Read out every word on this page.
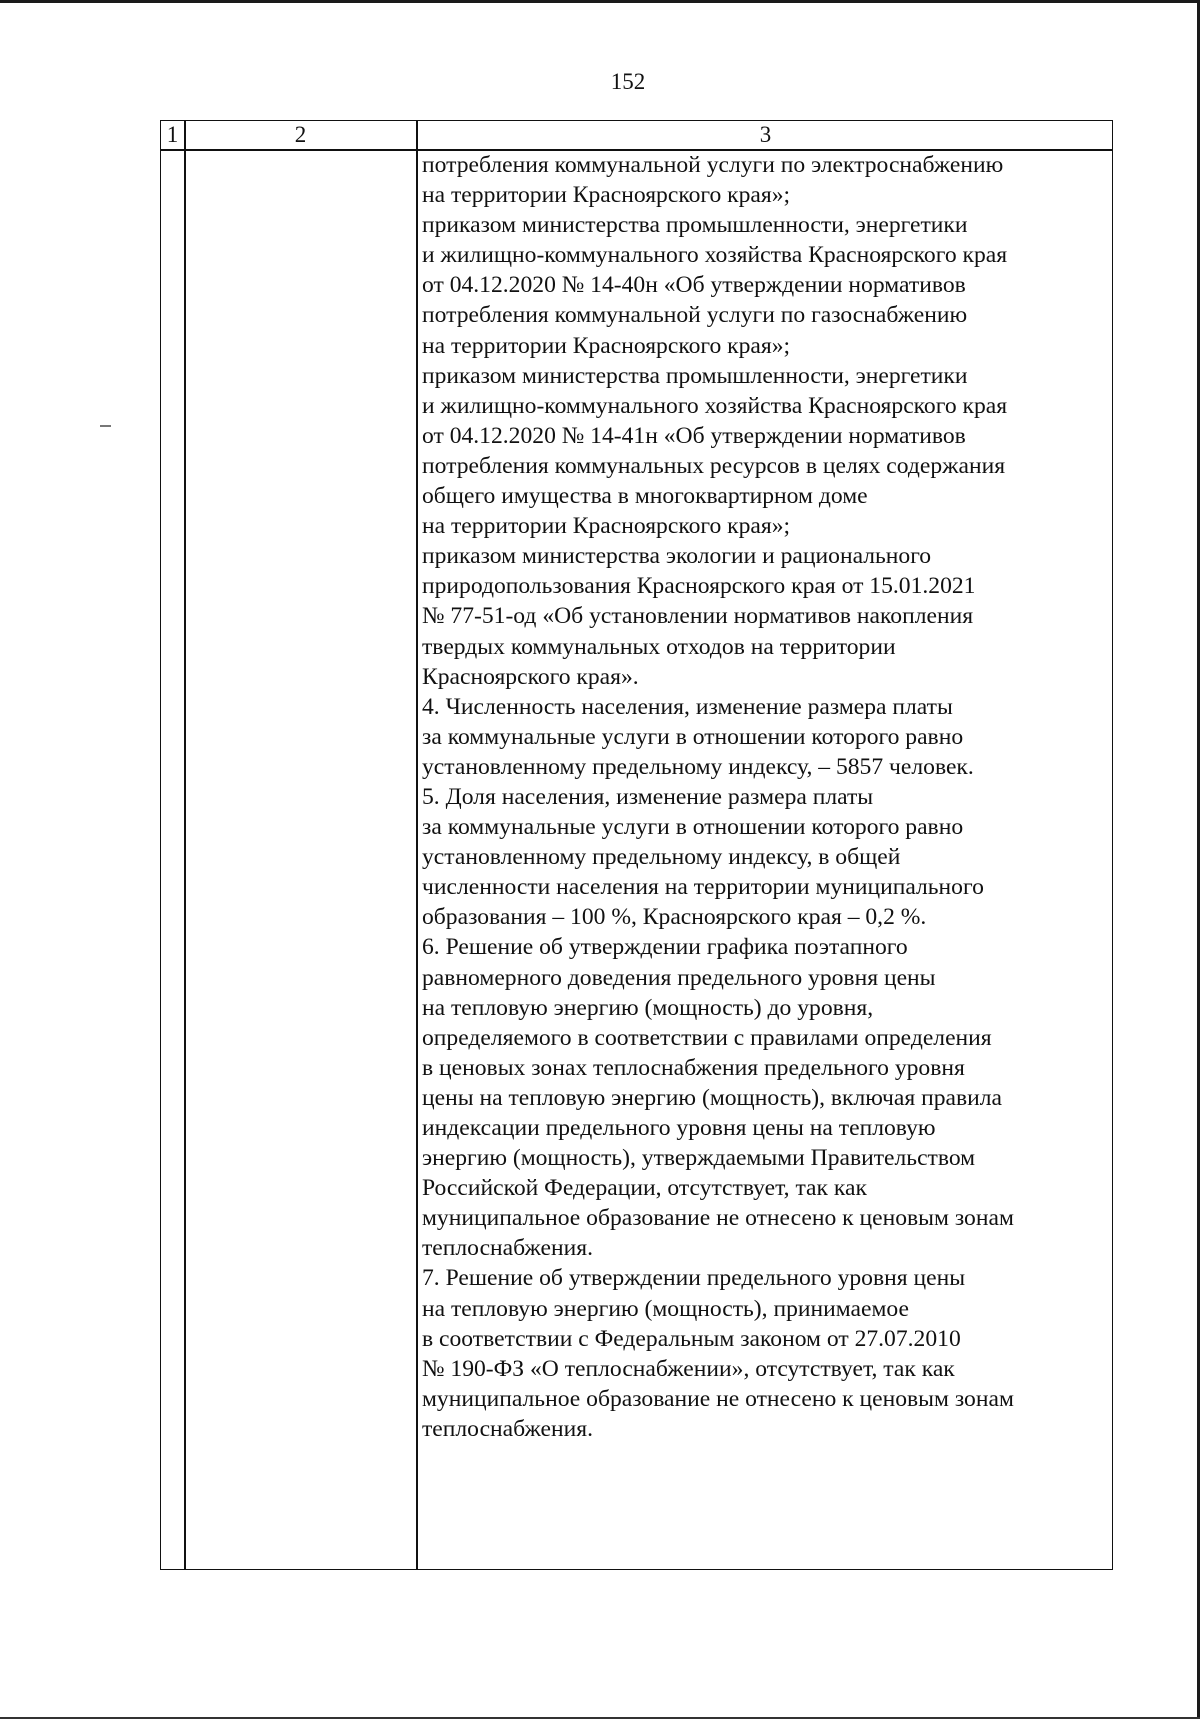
152
1	2	3
потребления коммунальной услуги по электроснабжению
на территории Красноярского края»;
приказом министерства промышленности, энергетики
и жилищно-коммунального хозяйства Красноярского края
от 04.12.2020 № 14-40н «Об утверждении нормативов
потребления коммунальной услуги по газоснабжению
на территории Красноярского края»;
приказом министерства промышленности, энергетики
и жилищно-коммунального хозяйства Красноярского края
от 04.12.2020 № 14-41н «Об утверждении нормативов
потребления коммунальных ресурсов в целях содержания
общего имущества в многоквартирном доме
на территории Красноярского края»;
приказом министерства экологии и рационального
природопользования Красноярского края от 15.01.2021
№ 77-51-од «Об установлении нормативов накопления
твердых коммунальных отходов на территории
Красноярского края».
4. Численность населения, изменение размера платы
за коммунальные услуги в отношении которого равно
установленному предельному индексу, – 5857 человек.
5. Доля населения, изменение размера платы
за коммунальные услуги в отношении которого равно
установленному предельному индексу, в общей
численности населения на территории муниципального
образования – 100 %, Красноярского края – 0,2 %.
6. Решение об утверждении графика поэтапного
равномерного доведения предельного уровня цены
на тепловую энергию (мощность) до уровня,
определяемого в соответствии с правилами определения
в ценовых зонах теплоснабжения предельного уровня
цены на тепловую энергию (мощность), включая правила
индексации предельного уровня цены на тепловую
энергию (мощность), утверждаемыми Правительством
Российской Федерации, отсутствует, так как
муниципальное образование не отнесено к ценовым зонам
теплоснабжения.
7. Решение об утверждении предельного уровня цены
на тепловую энергию (мощность), принимаемое
в соответствии с Федеральным законом от 27.07.2010
№ 190-ФЗ «О теплоснабжении», отсутствует, так как
муниципальное образование не отнесено к ценовым зонам
теплоснабжения.
